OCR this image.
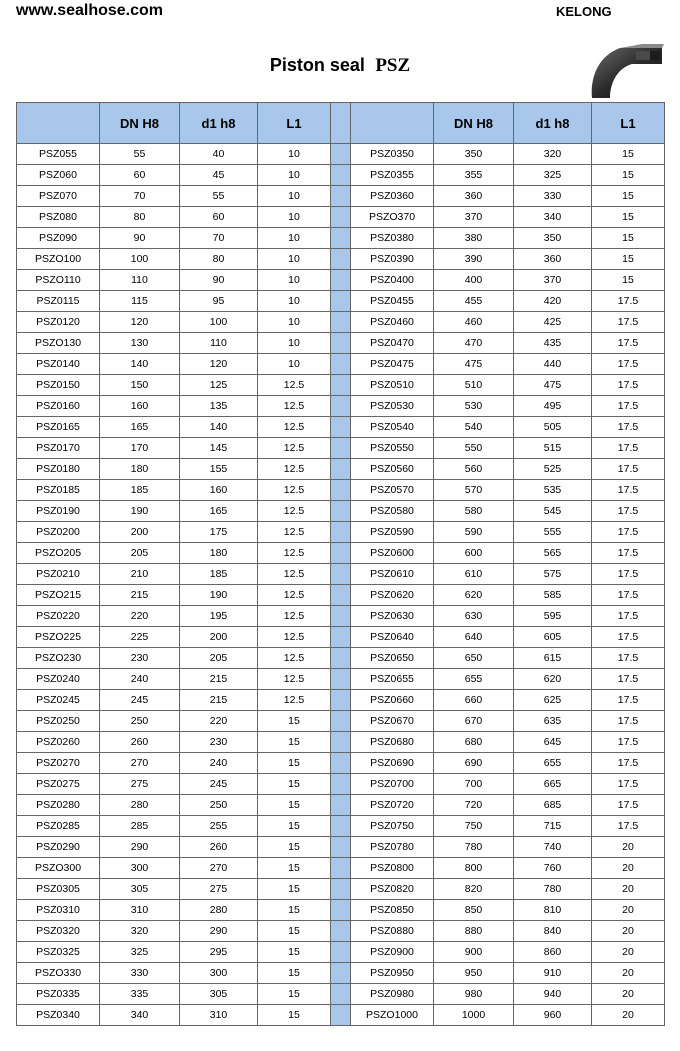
www.sealhose.com	KELONG
Piston seal PSZ
	DN H8	d1 h8	L1			DN H8	d1 h8	L1
PSZ055	55	40	10		PSZ0350	350	320	15
PSZ060	60	45	10		PSZ0355	355	325	15
PSZ070	70	55	10		PSZ0360	360	330	15
PSZ080	80	60	10		PSZO370	370	340	15
PSZ090	90	70	10		PSZ0380	380	350	15
PSZO100	100	80	10		PSZ0390	390	360	15
PSZO110	110	90	10		PSZ0400	400	370	15
PSZ0115	115	95	10		PSZ0455	455	420	17.5
PSZ0120	120	100	10		PSZ0460	460	425	17.5
PSZO130	130	110	10		PSZ0470	470	435	17.5
PSZ0140	140	120	10		PSZ0475	475	440	17.5
PSZ0150	150	125	12.5		PSZ0510	510	475	17.5
PSZ0160	160	135	12.5		PSZ0530	530	495	17.5
PSZ0165	165	140	12.5		PSZ0540	540	505	17.5
PSZ0170	170	145	12.5		PSZ0550	550	515	17.5
PSZ0180	180	155	12.5		PSZ0560	560	525	17.5
PSZ0185	185	160	12.5		PSZ0570	570	535	17.5
PSZ0190	190	165	12.5		PSZ0580	580	545	17.5
PSZ0200	200	175	12.5		PSZ0590	590	555	17.5
PSZO205	205	180	12.5		PSZ0600	600	565	17.5
PSZ0210	210	185	12.5		PSZ0610	610	575	17.5
PSZO215	215	190	12.5		PSZ0620	620	585	17.5
PSZ0220	220	195	12.5		PSZ0630	630	595	17.5
PSZO225	225	200	12.5		PSZ0640	640	605	17.5
PSZO230	230	205	12.5		PSZ0650	650	615	17.5
PSZ0240	240	215	12.5		PSZ0655	655	620	17.5
PSZ0245	245	215	12.5		PSZ0660	660	625	17.5
PSZ0250	250	220	15		PSZ0670	670	635	17.5
PSZ0260	260	230	15		PSZ0680	680	645	17.5
PSZ0270	270	240	15		PSZ0690	690	655	17.5
PSZ0275	275	245	15		PSZ0700	700	665	17.5
PSZ0280	280	250	15		PSZ0720	720	685	17.5
PSZ0285	285	255	15		PSZ0750	750	715	17.5
PSZ0290	290	260	15		PSZ0780	780	740	20
PSZO300	300	270	15		PSZ0800	800	760	20
PSZ0305	305	275	15		PSZ0820	820	780	20
PSZ0310	310	280	15		PSZ0850	850	810	20
PSZ0320	320	290	15		PSZ0880	880	840	20
PSZ0325	325	295	15		PSZ0900	900	860	20
PSZO330	330	300	15		PSZ0950	950	910	20
PSZ0335	335	305	15		PSZ0980	980	940	20
PSZ0340	340	310	15		PSZO1000	1000	960	20
